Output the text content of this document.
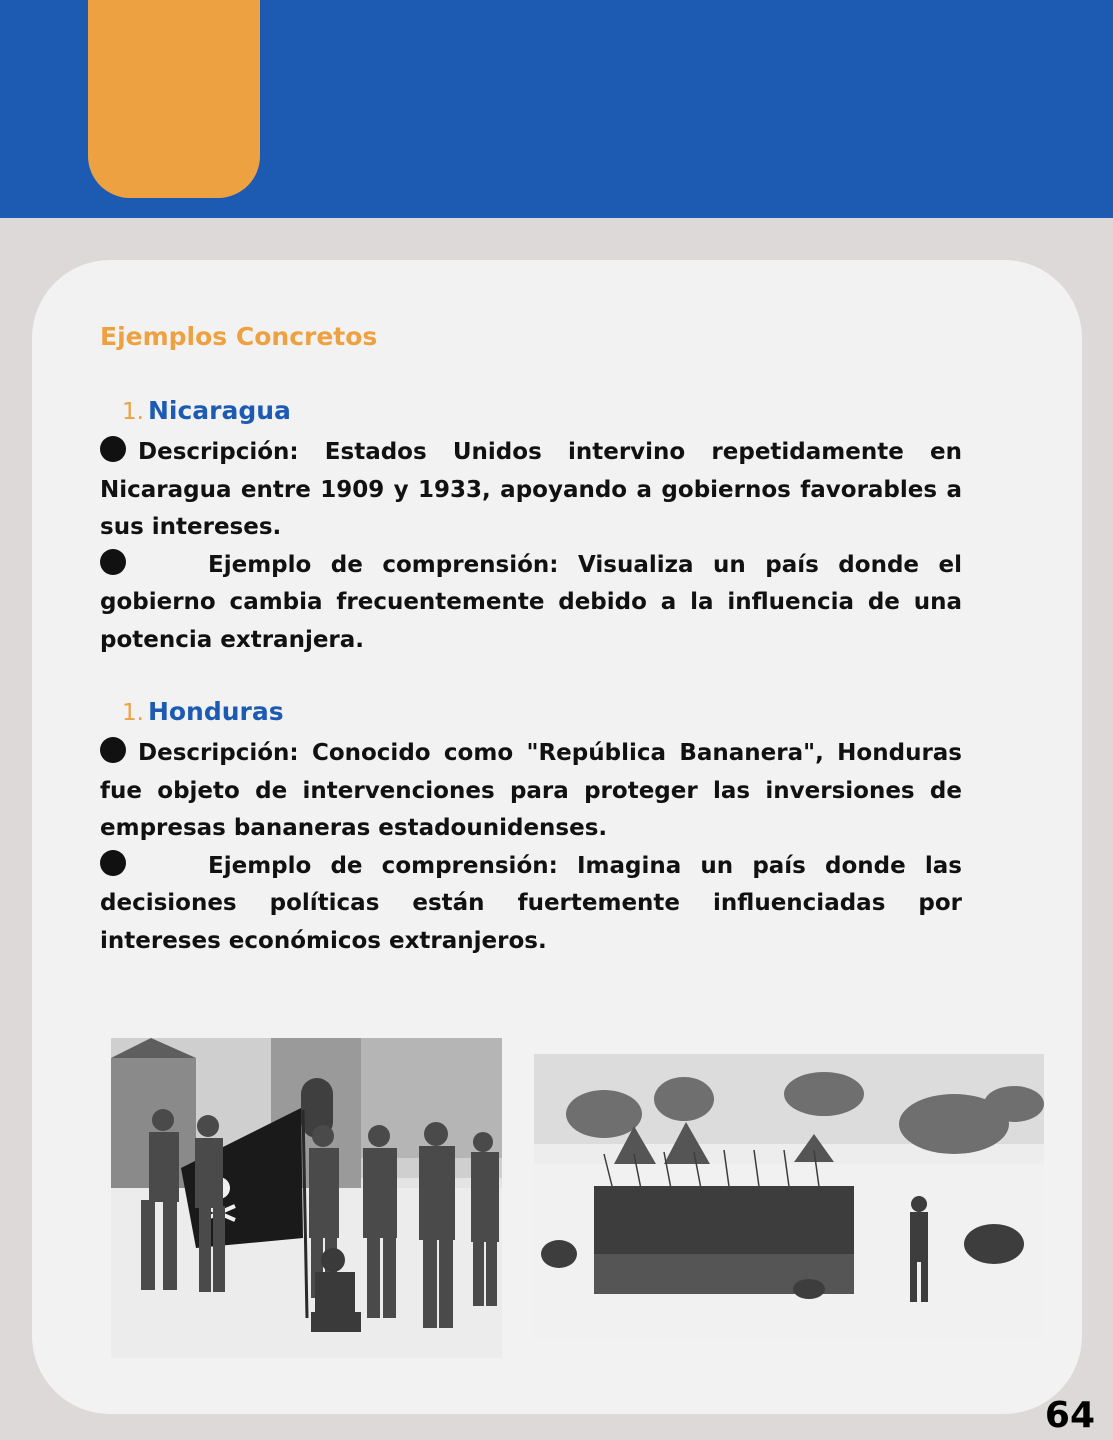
Ejemplos Concretos
1. Nicaragua

Descripción: Estados Unidos intervino repetidamente en Nicaragua entre 1909 y 1933, apoyando a gobiernos favorables a sus intereses.

Ejemplo de comprensión: Visualiza un país donde el gobierno cambia frecuentemente debido a la influencia de una potencia extranjera.

1. Honduras

Descripción: Conocido como "República Bananera", Honduras fue objeto de intervenciones para proteger las inversiones de empresas bananeras estadounidenses.

Ejemplo de comprensión: Imagina un país donde las decisiones políticas están fuertemente influenciadas por intereses económicos extranjeros.

64
